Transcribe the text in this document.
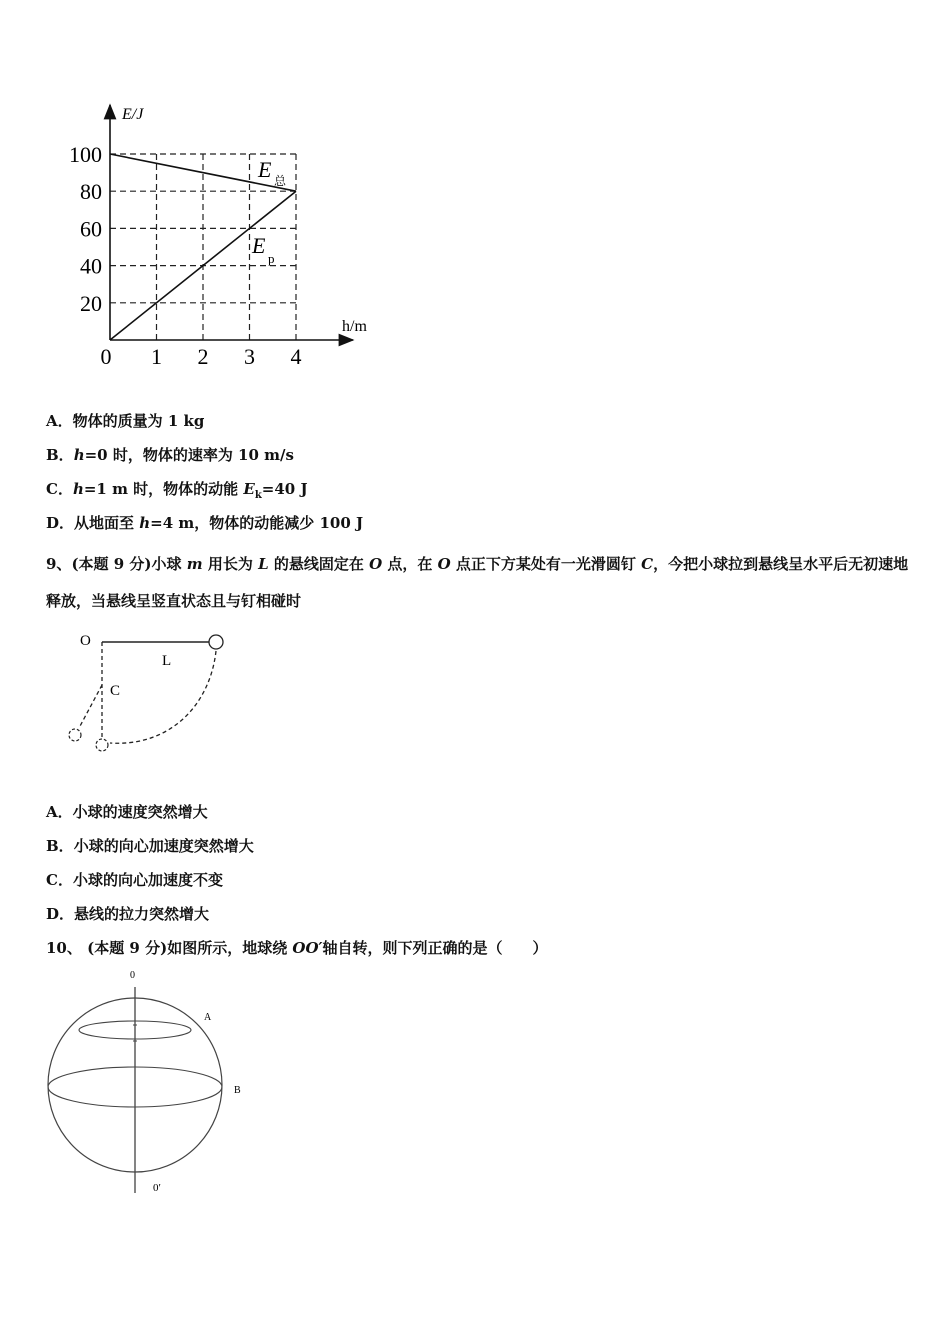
E/J
h/m
20
40
60
80
100
0 1 2 3 4
E 总
E
p
A．物体的质量为 1 kg
B．h=0 时，物体的速率为 10 m/s
C．h=1 m 时，物体的动能 $E_k=40$ J
D．从地面至 h=4 m，物体的动能减少 100 J
9、(本题 9 分)小球 m 用长为 L 的悬线固定在 O 点，在 O 点正下方某处有一光滑圆钉 C，今把小球拉到悬线呈水平后无初速地释放，当悬线呈竖直状态且与钉相碰时
O
L
C
A．小球的速度突然增大
B．小球的向心加速度突然增大
C．小球的向心加速度不变
D．悬线的拉力突然增大
10、 (本题 9 分)如图所示，地球绕 OO′轴自转，则下列正确的是（　　）
0
A
B
0′
